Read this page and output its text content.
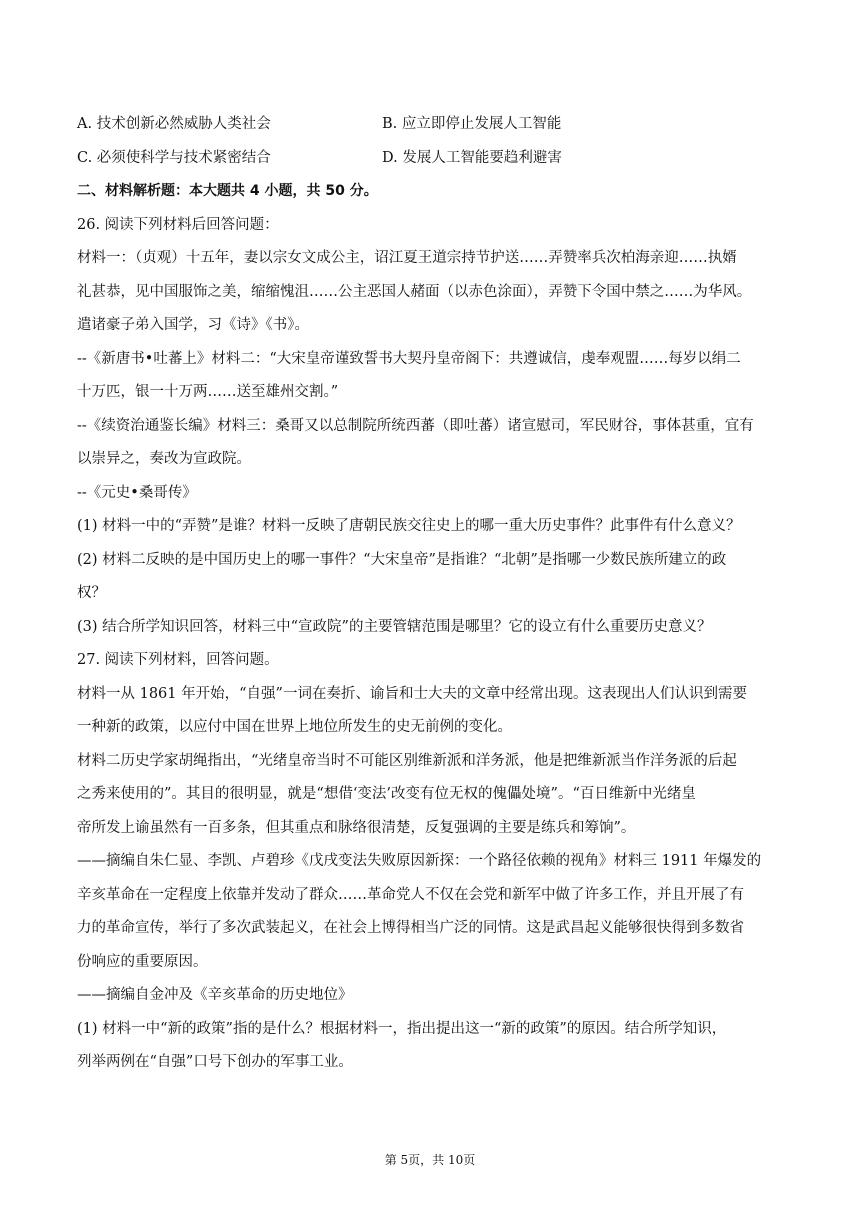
A. 技术创新必然威胁人类社会	B. 应立即停止发展人工智能
C. 必须使科学与技术紧密结合	D. 发展人工智能要趋利避害
二、材料解析题：本大题共 4 小题，共 50 分。
26. 阅读下列材料后回答问题：
材料一：（贞观）十五年，妻以宗女文成公主，诏江夏王道宗持节护送……弄赞率兵次柏海亲迎……执婿
礼甚恭，见中国服饰之美，缩缩愧沮……公主恶国人赭面（以赤色涂面），弄赞下令国中禁之……为华风。
遣诸豪子弟入国学，习《诗》《书》。
--《新唐书•吐蕃上》材料二：“大宋皇帝谨致誓书大契丹皇帝阁下：共遵诚信，虔奉观盟……每岁以绢二
十万匹，银一十万两……送至雄州交割。”
--《续资治通鉴长编》材料三：桑哥又以总制院所统西蕃（即吐蕃）诸宣慰司，军民财谷，事体甚重，宜有
以崇异之，奏改为宣政院。
--《元史•桑哥传》
(1) 材料一中的“弄赞”是谁？材料一反映了唐朝民族交往史上的哪一重大历史事件？此事件有什么意义？
(2) 材料二反映的是中国历史上的哪一事件？“大宋皇帝”是指谁？“北朝”是指哪一少数民族所建立的政
权？
(3) 结合所学知识回答，材料三中“宣政院”的主要管辖范围是哪里？它的设立有什么重要历史意义？
27. 阅读下列材料，回答问题。
材料一从 1861 年开始，“自强”一词在奏折、谕旨和士大夫的文章中经常出现。这表现出人们认识到需要
一种新的政策，以应付中国在世界上地位所发生的史无前例的变化。
材料二历史学家胡绳指出，“光绪皇帝当时不可能区别维新派和洋务派，他是把维新派当作洋务派的后起
之秀来使用的”。其目的很明显，就是“想借‘变法’改变有位无权的傀儡处境”。“百日维新中光绪皇
帝所发上谕虽然有一百多条，但其重点和脉络很清楚，反复强调的主要是练兵和筹饷”。
——摘编自朱仁显、李凯、卢碧珍《戊戌变法失败原因新探：一个路径依赖的视角》材料三 1911 年爆发的
辛亥革命在一定程度上依靠并发动了群众……革命党人不仅在会党和新军中做了许多工作，并且开展了有
力的革命宣传，举行了多次武装起义，在社会上博得相当广泛的同情。这是武昌起义能够很快得到多数省
份响应的重要原因。
——摘编自金冲及《辛亥革命的历史地位》
(1) 材料一中“新的政策”指的是什么？根据材料一，指出提出这一“新的政策”的原因。结合所学知识，
列举两例在“自强”口号下创办的军事工业。
第 5页，共 10页
